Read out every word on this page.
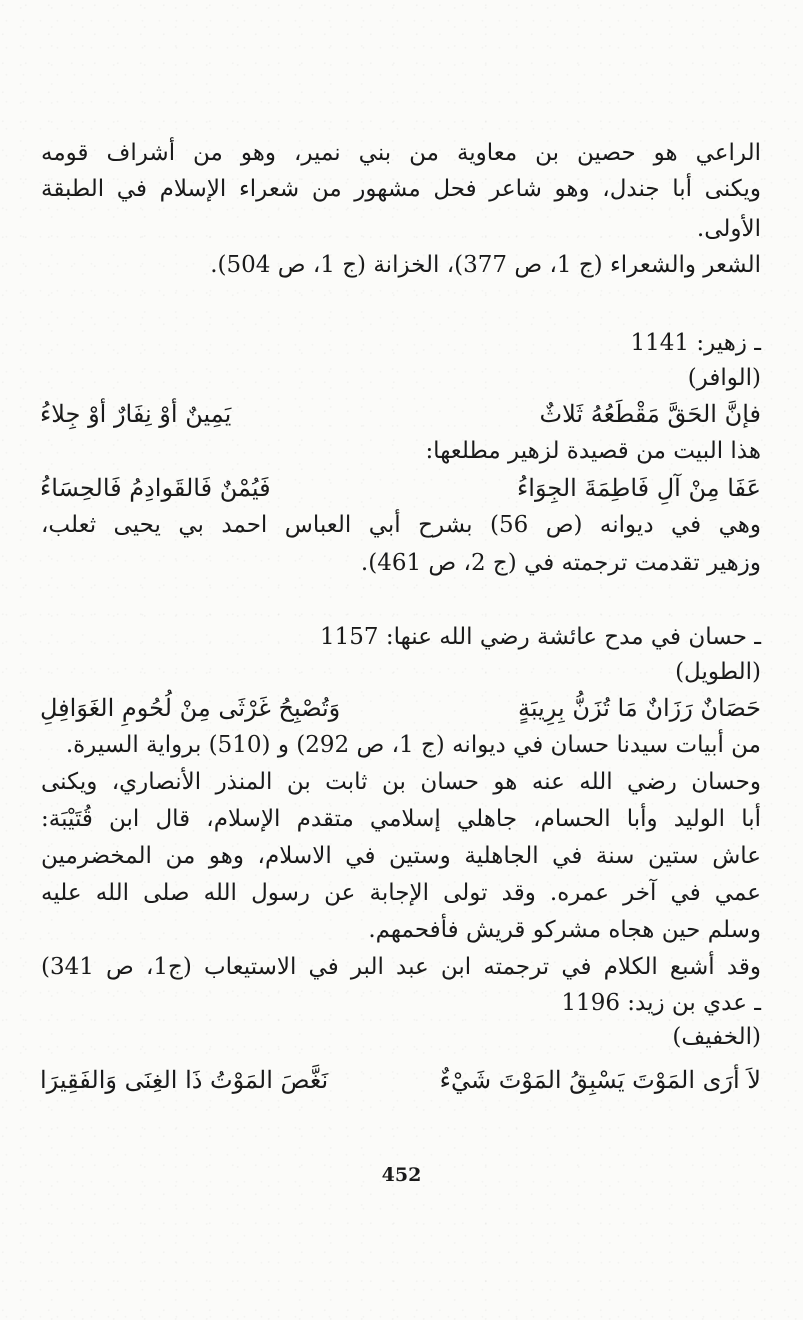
الراعي هو حصين بن معاوية من بني نمير، وهو من أشراف قومه

ويكنى أبا جندل، وهو شاعر فحل مشهور من شعراء الإسلام في الطبقة

الأولى.

الشعر والشعراء (ج 1، ص 377)، الخزانة (ج 1، ص 504).

ـ زهير: 1141

(الوافر)

فإنَّ الحَقَّ مَقْطَعُهُ ثَلاثٌ
يَمِينٌ أوْ نِفَارٌ أوْ جِلاءُ

هذا البيت من قصيدة لزهير مطلعها:

عَفَا مِنْ آلِ فَاطِمَةَ الجِوَاءُ
فَيُمْنٌ فَالقَوادِمُ فَالحِسَاءُ

وهي في ديوانه (ص 56) بشرح أبي العباس احمد بي يحيى ثعلب،

وزهير تقدمت ترجمته في (ج 2، ص 461).

ـ حسان في مدح عائشة رضي الله عنها: 1157

(الطويل)

حَصَانٌ رَزَانٌ مَا تُزَنُّ بِرِيبَةٍ
وَتُصْبِحُ غَرْثَى مِنْ لُحُومِ الغَوَافِلِ

من أبيات سيدنا حسان في ديوانه (ج 1، ص 292) و (510) برواية السيرة.

وحسان رضي الله عنه هو حسان بن ثابت بن المنذر الأنصاري، ويكنى

أبا الوليد وأبا الحسام، جاهلي إسلامي متقدم الإسلام، قال ابن قُتَيْبَة:

عاش ستين سنة في الجاهلية وستين في الاسلام، وهو من المخضرمين

عمي في آخر عمره. وقد تولى الإجابة عن رسول الله صلى الله عليه

وسلم حين هجاه مشركو قريش فأفحمهم.

وقد أشبع الكلام في ترجمته ابن عبد البر في الاستيعاب (ج1، ص 341)

ـ عدي بن زيد: 1196

(الخفيف)

لاَ أرَى المَوْتَ يَسْبِقُ المَوْتَ شَيْءٌ
نَغَّصَ المَوْتُ ذَا الغِنَى وَالفَقِيرَا
452
